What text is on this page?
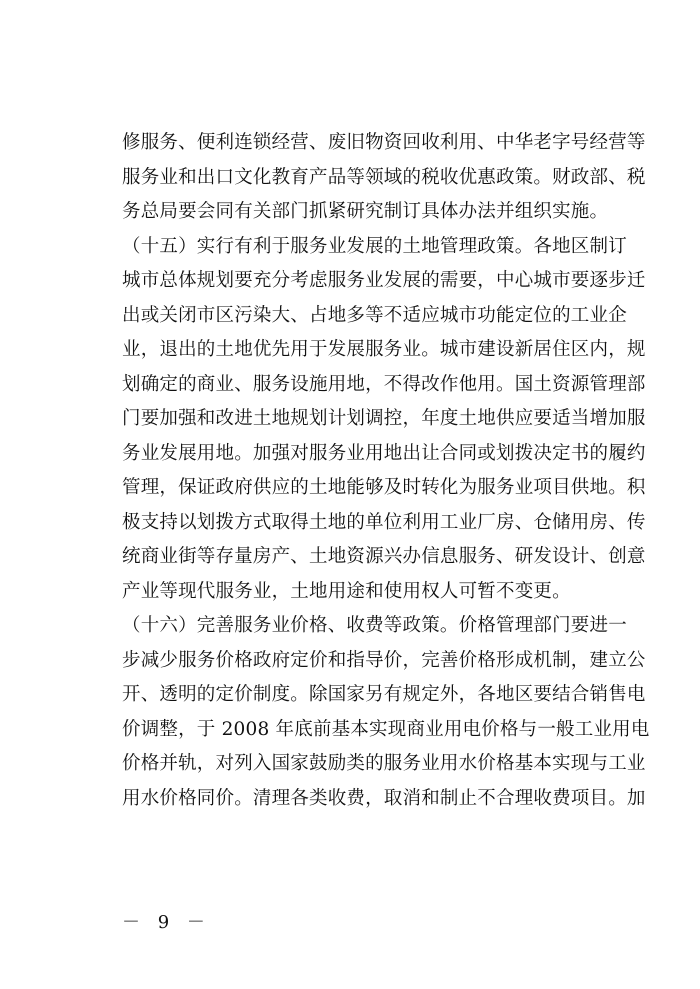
修服务、便利连锁经营、废旧物资回收利用、中华老字号经营等
服务业和出口文化教育产品等领域的税收优惠政策。财政部、税
务总局要会同有关部门抓紧研究制订具体办法并组织实施。
（十五）实行有利于服务业发展的土地管理政策。各地区制订
城市总体规划要充分考虑服务业发展的需要，中心城市要逐步迁
出或关闭市区污染大、占地多等不适应城市功能定位的工业企
业，退出的土地优先用于发展服务业。城市建设新居住区内，规
划确定的商业、服务设施用地，不得改作他用。国土资源管理部
门要加强和改进土地规划计划调控，年度土地供应要适当增加服
务业发展用地。加强对服务业用地出让合同或划拨决定书的履约
管理，保证政府供应的土地能够及时转化为服务业项目供地。积
极支持以划拨方式取得土地的单位利用工业厂房、仓储用房、传
统商业街等存量房产、土地资源兴办信息服务、研发设计、创意
产业等现代服务业，土地用途和使用权人可暂不变更。
（十六）完善服务业价格、收费等政策。价格管理部门要进一
步减少服务价格政府定价和指导价，完善价格形成机制，建立公
开、透明的定价制度。除国家另有规定外，各地区要结合销售电
价调整，于 2008 年底前基本实现商业用电价格与一般工业用电
价格并轨，对列入国家鼓励类的服务业用水价格基本实现与工业
用水价格同价。清理各类收费，取消和制止不合理收费项目。加
－ 9 －
